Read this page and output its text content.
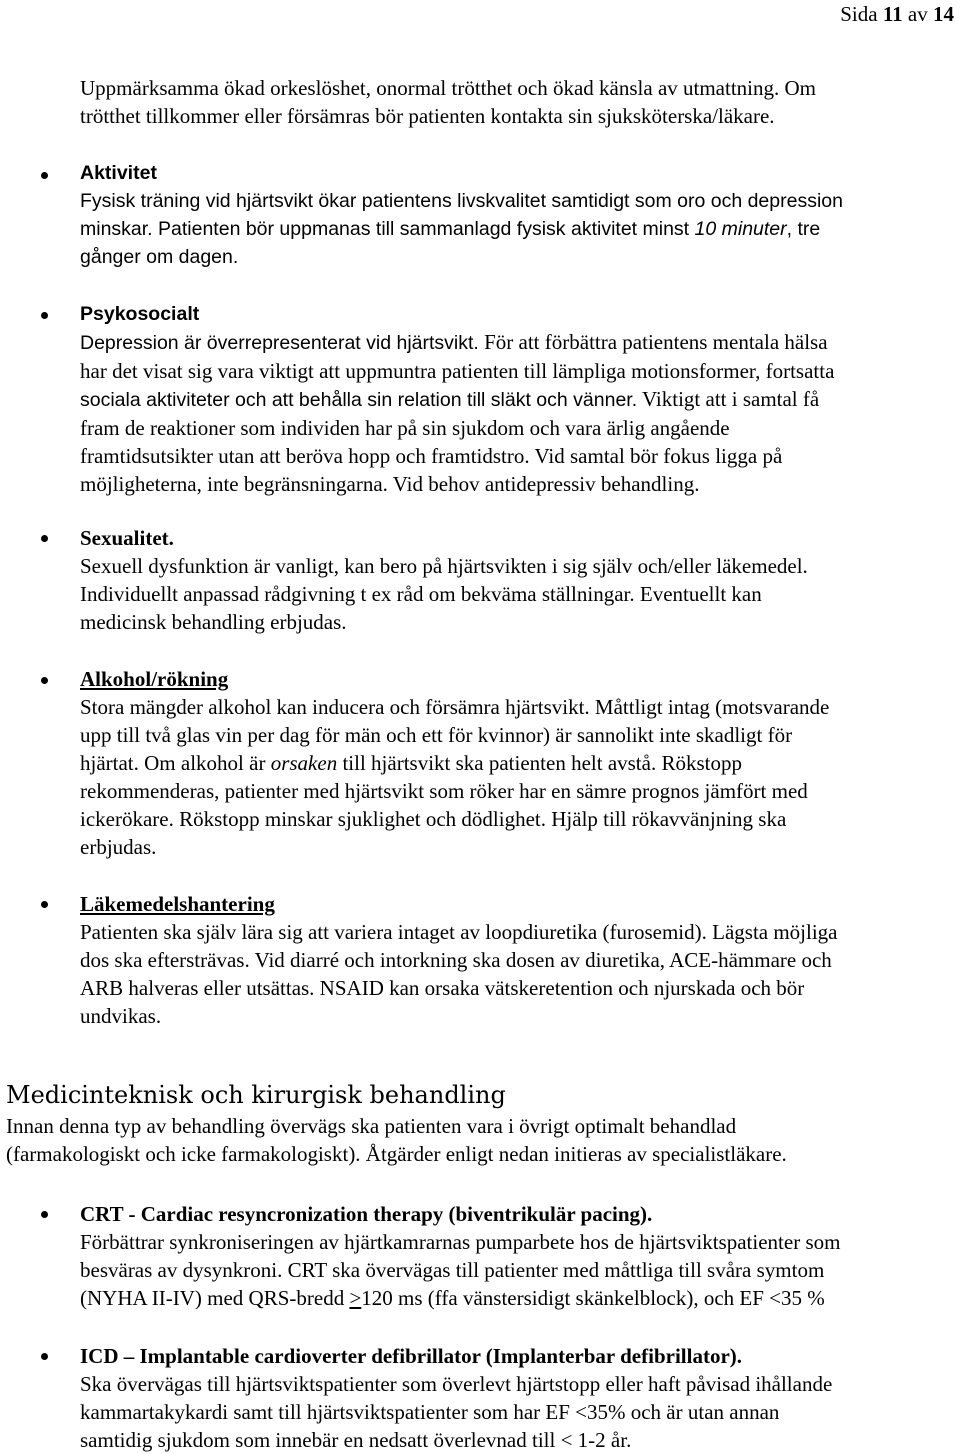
Sida 11 av 14

Uppmärksamma ökad orkeslöshet, onormal trötthet och ökad känsla av utmattning. Om

trötthet tillkommer eller försämras bör patienten kontakta sin sjuksköterska/läkare.

Aktivitet

Fysisk träning vid hjärtsvikt ökar patientens livskvalitet samtidigt som oro och depression

minskar. Patienten bör uppmanas till sammanlagd fysisk aktivitet minst 10 minuter, tre

gånger om dagen.

Psykosocialt

Depression är överrepresenterat vid hjärtsvikt. För att förbättra patientens mentala hälsa

har det visat sig vara viktigt att uppmuntra patienten till lämpliga motionsformer, fortsatta

sociala aktiviteter och att behålla sin relation till släkt och vänner. Viktigt att i samtal få

fram de reaktioner som individen har på sin sjukdom och vara ärlig angående

framtidsutsikter utan att beröva hopp och framtidstro. Vid samtal bör fokus ligga på

möjligheterna, inte begränsningarna. Vid behov antidepressiv behandling.

Sexualitet.

Sexuell dysfunktion är vanligt, kan bero på hjärtsvikten i sig själv och/eller läkemedel.

Individuellt anpassad rådgivning t ex råd om bekväma ställningar. Eventuellt kan

medicinsk behandling erbjudas.

Alkohol/rökning

Stora mängder alkohol kan inducera och försämra hjärtsvikt. Måttligt intag (motsvarande

upp till två glas vin per dag för män och ett för kvinnor) är sannolikt inte skadligt för

hjärtat. Om alkohol är orsaken till hjärtsvikt ska patienten helt avstå. Rökstopp

rekommenderas, patienter med hjärtsvikt som röker har en sämre prognos jämfört med

ickerökare. Rökstopp minskar sjuklighet och dödlighet. Hjälp till rökavvänjning ska

erbjudas.

Läkemedelshantering

Patienten ska själv lära sig att variera intaget av loopdiuretika (furosemid). Lägsta möjliga

dos ska eftersträvas. Vid diarré och intorkning ska dosen av diuretika, ACE-hämmare och

ARB halveras eller utsättas. NSAID kan orsaka vätskeretention och njurskada och bör

undvikas.

Medicinteknisk och kirurgisk behandling

Innan denna typ av behandling övervägs ska patienten vara i övrigt optimalt behandlad

(farmakologiskt och icke farmakologiskt). Åtgärder enligt nedan initieras av specialistläkare.

CRT - Cardiac resyncronization therapy (biventrikulär pacing).

Förbättrar synkroniseringen av hjärtkamrarnas pumparbete hos de hjärtsviktspatienter som

besväras av dysynkroni. CRT ska övervägas till patienter med måttliga till svåra symtom

(NYHA II-IV) med QRS-bredd >120 ms (ffa vänstersidigt skänkelblock), och EF <35 %

ICD – Implantable cardioverter defibrillator (Implanterbar defibrillator).

Ska övervägas till hjärtsviktspatienter som överlevt hjärtstopp eller haft påvisad ihållande

kammartakykardi samt till hjärtsviktspatienter som har EF <35% och är utan annan

samtidig sjukdom som innebär en nedsatt överlevnad till < 1-2 år.
